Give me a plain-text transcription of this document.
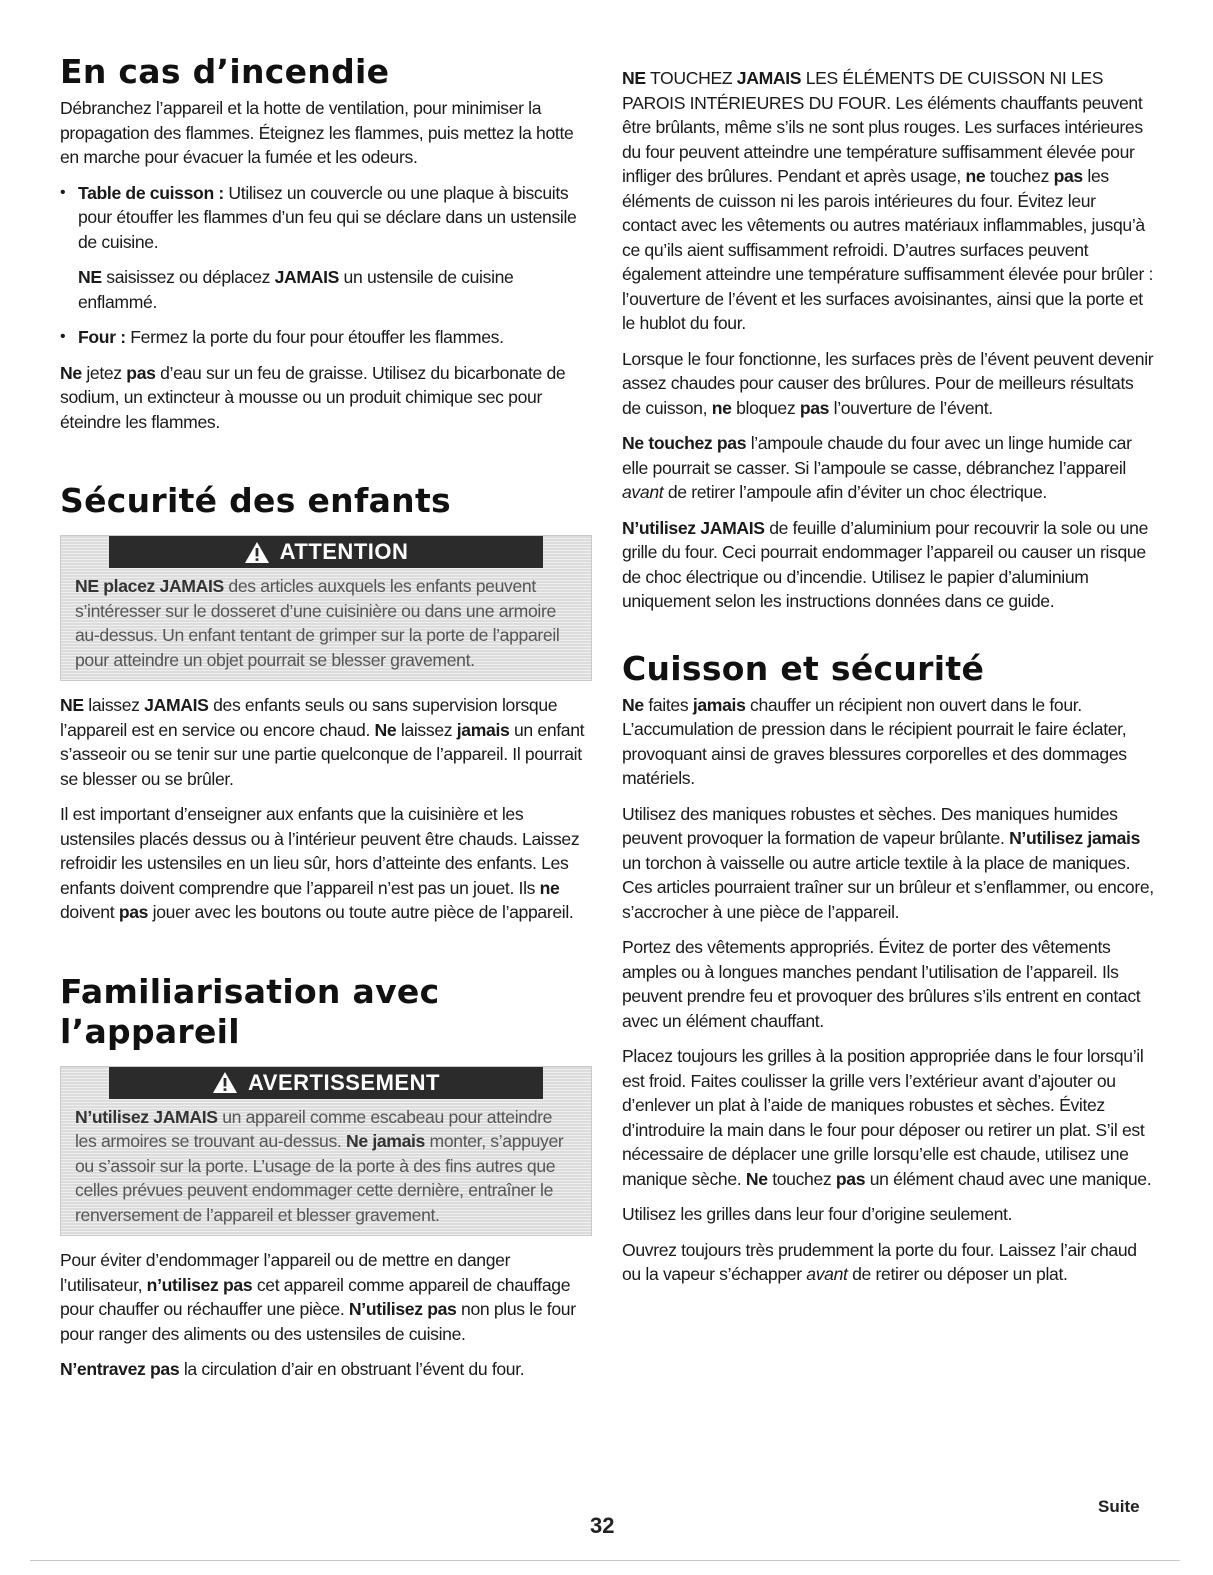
En cas d’incendie

Débranchez l’appareil et la hotte de ventilation, pour minimiser la propagation des flammes. Éteignez les flammes, puis mettez la hotte en marche pour évacuer la fumée et les odeurs.

• Table de cuisson : Utilisez un couvercle ou une plaque à biscuits pour étouffer les flammes d’un feu qui se déclare dans un ustensile de cuisine.

NE saisissez ou déplacez JAMAIS un ustensile de cuisine enflammé.

• Four : Fermez la porte du four pour étouffer les flammes.

Ne jetez pas d’eau sur un feu de graisse. Utilisez du bicarbonate de sodium, un extincteur à mousse ou un produit chimique sec pour éteindre les flammes.

Sécurité des enfants
ATTENTION
NE placez JAMAIS des articles auxquels les enfants peuvent s’intéresser sur le dosseret d’une cuisinière ou dans une armoire au-dessus. Un enfant tentant de grimper sur la porte de l’appareil pour atteindre un objet pourrait se blesser gravement.

NE laissez JAMAIS des enfants seuls ou sans supervision lorsque l’appareil est en service ou encore chaud. Ne laissez jamais un enfant s’asseoir ou se tenir sur une partie quelconque de l’appareil. Il pourrait se blesser ou se brûler.

Il est important d’enseigner aux enfants que la cuisinière et les ustensiles placés dessus ou à l’intérieur peuvent être chauds. Laissez refroidir les ustensiles en un lieu sûr, hors d’atteinte des enfants. Les enfants doivent comprendre que l’appareil n’est pas un jouet. Ils ne doivent pas jouer avec les boutons ou toute autre pièce de l’appareil.

Familiarisation avec l’appareil
AVERTISSEMENT
N’utilisez JAMAIS un appareil comme escabeau pour atteindre les armoires se trouvant au-dessus. Ne jamais monter, s’appuyer ou s’assoir sur la porte. L’usage de la porte à des fins autres que celles prévues peuvent endommager cette dernière, entraîner le renversement de l’appareil et blesser gravement.

Pour éviter d’endommager l’appareil ou de mettre en danger l’utilisateur, n’utilisez pas cet appareil comme appareil de chauffage pour chauffer ou réchauffer une pièce. N’utilisez pas non plus le four pour ranger des aliments ou des ustensiles de cuisine.

N’entravez pas la circulation d’air en obstruant l’évent du four.

NE TOUCHEZ JAMAIS LES ÉLÉMENTS DE CUISSON NI LES PAROIS INTÉRIEURES DU FOUR. Les éléments chauffants peuvent être brûlants, même s’ils ne sont plus rouges. Les surfaces intérieures du four peuvent atteindre une température suffisamment élevée pour infliger des brûlures. Pendant et après usage, ne touchez pas les éléments de cuisson ni les parois intérieures du four. Évitez leur contact avec les vêtements ou autres matériaux inflammables, jusqu’à ce qu’ils aient suffisamment refroidi. D’autres surfaces peuvent également atteindre une température suffisamment élevée pour brûler : l’ouverture de l’évent et les surfaces avoisinantes, ainsi que la porte et le hublot du four.

Lorsque le four fonctionne, les surfaces près de l’évent peuvent devenir assez chaudes pour causer des brûlures. Pour de meilleurs résultats de cuisson, ne bloquez pas l’ouverture de l’évent.

Ne touchez pas l’ampoule chaude du four avec un linge humide car elle pourrait se casser. Si l’ampoule se casse, débranchez l’appareil avant de retirer l’ampoule afin d’éviter un choc électrique.

N’utilisez JAMAIS de feuille d’aluminium pour recouvrir la sole ou une grille du four. Ceci pourrait endommager l’appareil ou causer un risque de choc électrique ou d’incendie. Utilisez le papier d’aluminium uniquement selon les instructions données dans ce guide.

Cuisson et sécurité

Ne faites jamais chauffer un récipient non ouvert dans le four. L’accumulation de pression dans le récipient pourrait le faire éclater, provoquant ainsi de graves blessures corporelles et des dommages matériels.

Utilisez des maniques robustes et sèches. Des maniques humides peuvent provoquer la formation de vapeur brûlante. N’utilisez jamais un torchon à vaisselle ou autre article textile à la place de maniques. Ces articles pourraient traîner sur un brûleur et s’enflammer, ou encore, s’accrocher à une pièce de l’appareil.

Portez des vêtements appropriés. Évitez de porter des vêtements amples ou à longues manches pendant l’utilisation de l’appareil. Ils peuvent prendre feu et provoquer des brûlures s’ils entrent en contact avec un élément chauffant.

Placez toujours les grilles à la position appropriée dans le four lorsqu’il est froid. Faites coulisser la grille vers l’extérieur avant d’ajouter ou d’enlever un plat à l’aide de maniques robustes et sèches. Évitez d’introduire la main dans le four pour déposer ou retirer un plat. S’il est nécessaire de déplacer une grille lorsqu’elle est chaude, utilisez une manique sèche. Ne touchez pas un élément chaud avec une manique.

Utilisez les grilles dans leur four d’origine seulement.

Ouvrez toujours très prudemment la porte du four. Laissez l’air chaud ou la vapeur s’échapper avant de retirer ou déposer un plat.

Suite
32
